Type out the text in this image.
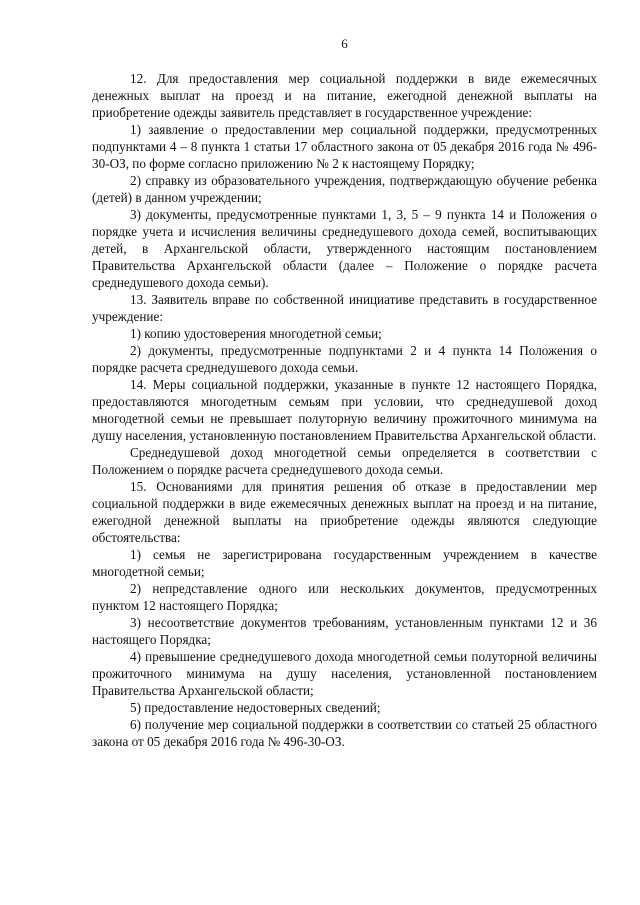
6

12. Для предоставления мер социальной поддержки в виде ежемесячных денежных выплат на проезд и на питание, ежегодной денежной выплаты на приобретение одежды заявитель представляет в государственное учреждение:

1) заявление о предоставлении мер социальной поддержки, предусмотренных подпунктами 4 – 8 пункта 1 статьи 17 областного закона от 05 декабря 2016 года № 496-30-ОЗ, по форме согласно приложению № 2 к настоящему Порядку;

2) справку из образовательного учреждения, подтверждающую обучение ребенка (детей) в данном учреждении;

3) документы, предусмотренные пунктами 1, 3, 5 – 9 пункта 14 и Положения о порядке учета и исчисления величины среднедушевого дохода семей, воспитывающих детей, в Архангельской области, утвержденного настоящим постановлением Правительства Архангельской области (далее – Положение о порядке расчета среднедушевого дохода семьи).

13. Заявитель вправе по собственной инициативе представить в государственное учреждение:

1) копию удостоверения многодетной семьи;

2) документы, предусмотренные подпунктами 2 и 4 пункта 14 Положения о порядке расчета среднедушевого дохода семьи.

14. Меры социальной поддержки, указанные в пункте 12 настоящего Порядка, предоставляются многодетным семьям при условии, что среднедушевой доход многодетной семьи не превышает полуторную величину прожиточного минимума на душу населения, установленную постановлением Правительства Архангельской области.

Среднедушевой доход многодетной семьи определяется в соответствии с Положением о порядке расчета среднедушевого дохода семьи.

15. Основаниями для принятия решения об отказе в предоставлении мер социальной поддержки в виде ежемесячных денежных выплат на проезд и на питание, ежегодной денежной выплаты на приобретение одежды являются следующие обстоятельства:

1) семья не зарегистрирована государственным учреждением в качестве многодетной семьи;

2) непредставление одного или нескольких документов, предусмотренных пунктом 12 настоящего Порядка;

3) несоответствие документов требованиям, установленным пунктами 12 и 36 настоящего Порядка;

4) превышение среднедушевого дохода многодетной семьи полуторной величины прожиточного минимума на душу населения, установленной постановлением Правительства Архангельской области;

5) предоставление недостоверных сведений;

6) получение мер социальной поддержки в соответствии со статьей 25 областного закона от 05 декабря 2016 года № 496-30-ОЗ.
